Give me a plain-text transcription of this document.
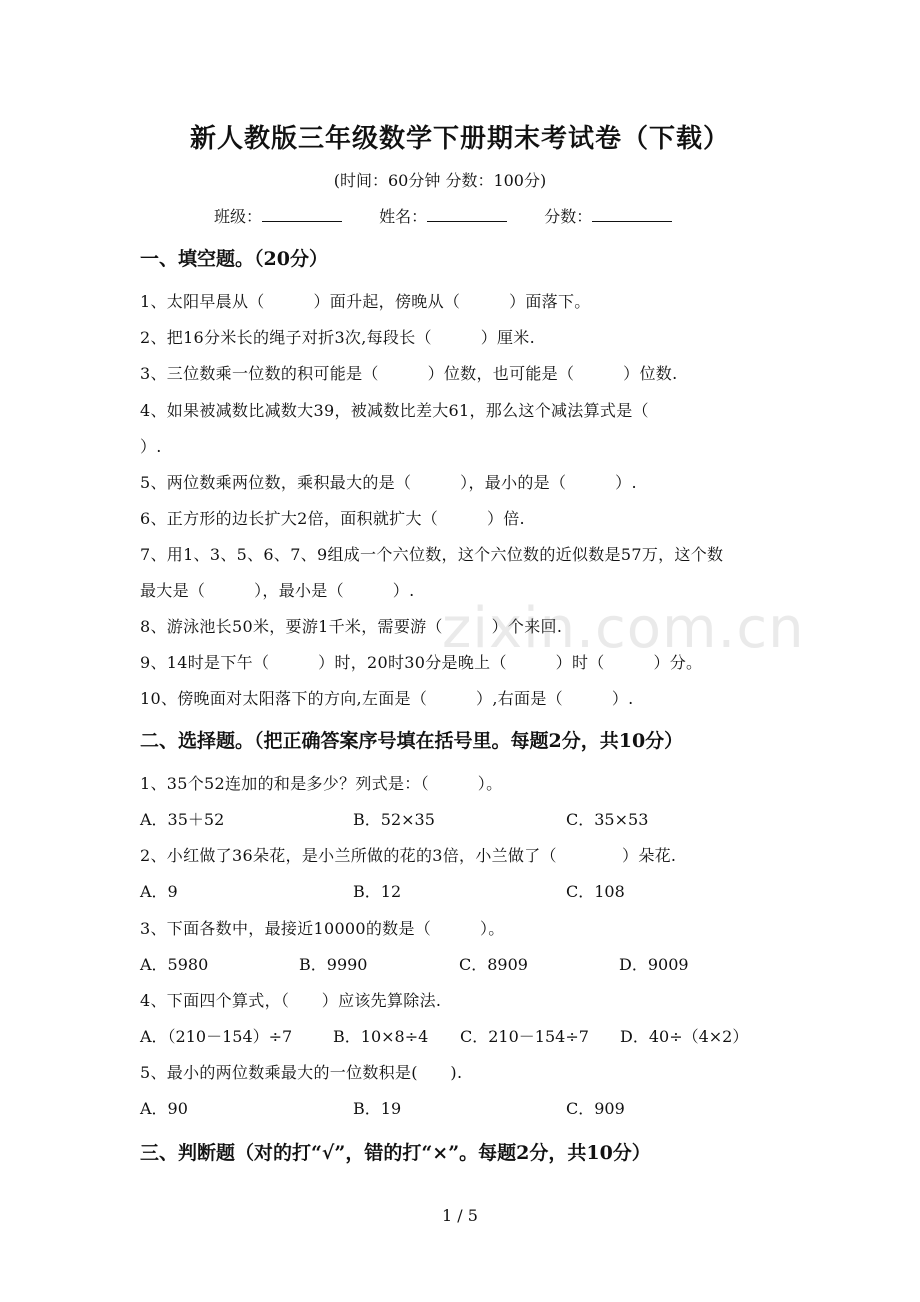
zixin.com.cn
新人教版三年级数学下册期末考试卷（下载）
(时间：60分钟 分数：100分)
班级：	姓名：	分数：
一、填空题。（20分）
1、太阳早晨从（　　　）面升起，傍晚从（　　　）面落下。
2、把16分米长的绳子对折3次,每段长（　　　）厘米.
3、三位数乘一位数的积可能是（　　　）位数，也可能是（　　　）位数.
4、如果被减数比减数大39，被减数比差大61，那么这个减法算式是（
）.
5、两位数乘两位数，乘积最大的是（　　　），最小的是（　　　）.
6、正方形的边长扩大2倍，面积就扩大（　　　）倍.
7、用1、3、5、6、7、9组成一个六位数，这个六位数的近似数是57万，这个数
最大是（　　　），最小是（　　　）.
8、游泳池长50米，要游1千米，需要游（　　　）个来回.
9、14时是下午（　　　）时，20时30分是晚上（　　　）时（　　　）分。
10、傍晚面对太阳落下的方向,左面是（　　　）,右面是（　　　）.
二、选择题。（把正确答案序号填在括号里。每题2分，共10分）
1、35个52连加的和是多少？列式是：（　　　）。
A．35＋52	B．52×35	C．35×53
2、小红做了36朵花，是小兰所做的花的3倍，小兰做了（　　　　）朵花.
A．9	B．12	C．108
3、下面各数中，最接近10000的数是（　　　）。
A．5980	B．9990	C．8909	D．9009
4、下面四个算式，（　　）应该先算除法.
A．（210－154）÷7	B．10×8÷4 C．210－154÷7 D．40÷（4×2）
5、最小的两位数乘最大的一位数积是(　　).
A．90	B．19	C．909
三、判断题（对的打“√”，错的打“×”。每题2分，共10分）
1 / 5
